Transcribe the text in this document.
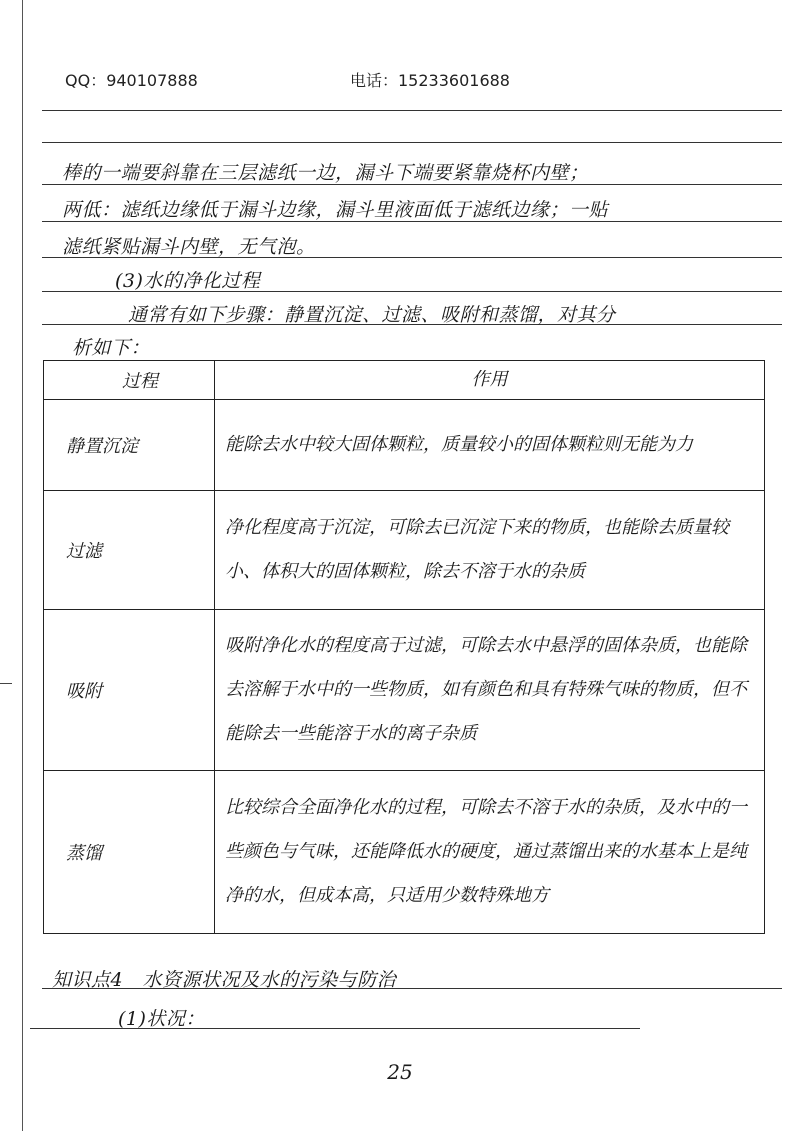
QQ：940107888	电话：15233601688
棒的一端要斜靠在三层滤纸一边，漏斗下端要紧靠烧杯内壁；
两低：滤纸边缘低于漏斗边缘，漏斗里液面低于滤纸边缘；一贴
滤纸紧贴漏斗内壁，无气泡。
(3)水的净化过程
通常有如下步骤：静置沉淀、过滤、吸附和蒸馏，对其分
析如下：
过程	作用
静置沉淀	能除去水中较大固体颗粒，质量较小的固体颗粒则无能为力
过滤	净化程度高于沉淀，可除去已沉淀下来的物质，也能除去质量较小、体积大的固体颗粒，除去不溶于水的杂质
吸附	吸附净化水的程度高于过滤，可除去水中悬浮的固体杂质，也能除去溶解于水中的一些物质，如有颜色和具有特殊气味的物质，但不能除去一些能溶于水的离子杂质
蒸馏	比较综合全面净化水的过程，可除去不溶于水的杂质，及水中的一些颜色与气味，还能降低水的硬度，通过蒸馏出来的水基本上是纯净的水，但成本高，只适用少数特殊地方
知识点4　水资源状况及水的污染与防治
(1)状况：
25
